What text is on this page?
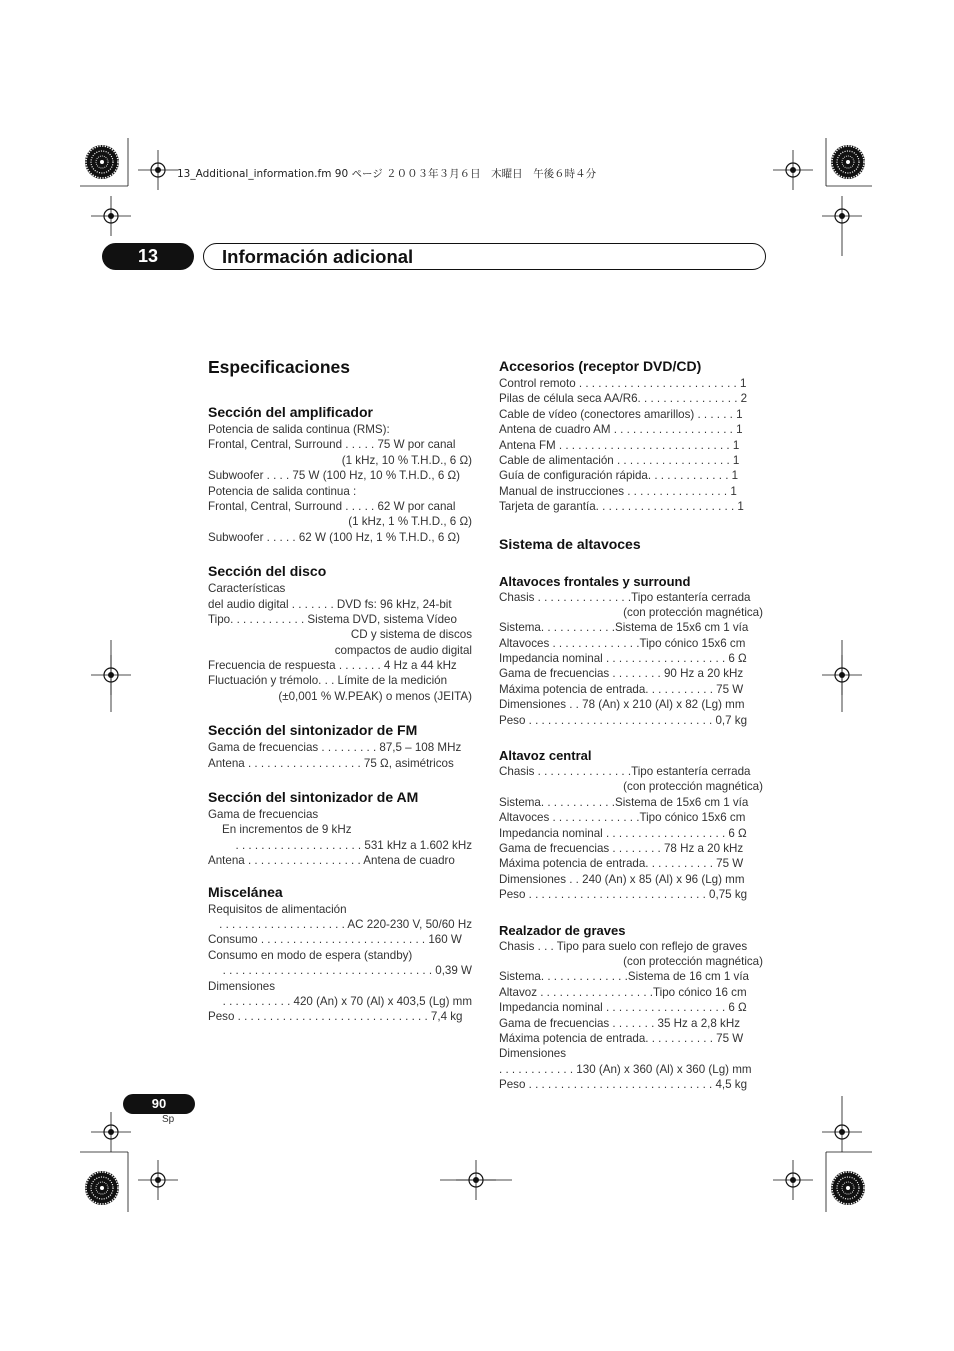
13_Additional_information.fm 90 ページ ２００３年３月６日　木曜日　午後６時４分
13	Información adicional
Especificaciones
Sección del amplificador
Potencia de salida continua (RMS):
Frontal, Central, Surround . . . . . 75 W por canal
(1 kHz, 10 % T.H.D., 6 Ω)
Subwoofer . . . . 75 W (100 Hz, 10 % T.H.D., 6 Ω)
Potencia de salida continua :
Frontal, Central, Surround . . . . . 62 W por canal
(1 kHz, 1 % T.H.D., 6 Ω)
Subwoofer . . . . . 62 W (100 Hz, 1 % T.H.D., 6 Ω)
Sección del disco
Características
del audio digital . . . . . . . DVD fs: 96 kHz, 24-bit
Tipo. . . . . . . . . . . . Sistema DVD, sistema Vídeo
CD y sistema de discos
compactos de audio digital
Frecuencia de respuesta . . . . . . . 4 Hz a 44 kHz
Fluctuación y trémolo. . . Límite de la medición
(±0,001 % W.PEAK) o menos (JEITA)
Sección del sintonizador de FM
Gama de frecuencias . . . . . . . . . 87,5 – 108 MHz
Antena . . . . . . . . . . . . . . . . . . 75 Ω, asimétricos
Sección del sintonizador de AM
Gama de frecuencias
En incrementos de 9 kHz
. . . . . . . . . . . . . . . . . . . . 531 kHz a 1.602 kHz
Antena . . . . . . . . . . . . . . . . . . Antena de cuadro
Miscelánea
Requisitos de alimentación
. . . . . . . . . . . . . . . . . . . . AC 220-230 V, 50/60 Hz
Consumo . . . . . . . . . . . . . . . . . . . . . . . . . . 160 W
Consumo en modo de espera (standby)
. . . . . . . . . . . . . . . . . . . . . . . . . . . . . . . . . 0,39 W
Dimensiones
. . . . . . . . . . . 420 (An) x 70 (Al) x 403,5 (Lg) mm
Peso . . . . . . . . . . . . . . . . . . . . . . . . . . . . . . 7,4 kg
Accesorios (receptor DVD/CD)
Control remoto . . . . . . . . . . . . . . . . . . . . . . . . . 1
Pilas de célula seca AA/R6. . . . . . . . . . . . . . . . 2
Cable de vídeo (conectores amarillos) . . . . . . 1
Antena de cuadro AM . . . . . . . . . . . . . . . . . . . 1
Antena FM . . . . . . . . . . . . . . . . . . . . . . . . . . . 1
Cable de alimentación . . . . . . . . . . . . . . . . . . 1
Guía de configuración rápida. . . . . . . . . . . . . 1
Manual de instrucciones . . . . . . . . . . . . . . . . 1
Tarjeta de garantía. . . . . . . . . . . . . . . . . . . . . . 1
Sistema de altavoces
Altavoces frontales y surround
Chasis . . . . . . . . . . . . . . .Tipo estantería cerrada
(con protección magnética)
Sistema. . . . . . . . . . . .Sistema de 15x6 cm 1 vía
Altavoces . . . . . . . . . . . . . .Tipo cónico 15x6 cm
Impedancia nominal . . . . . . . . . . . . . . . . . . . 6 Ω
Gama de frecuencias . . . . . . . . 90 Hz a 20 kHz
Máxima potencia de entrada. . . . . . . . . . . 75 W
Dimensiones . . 78 (An) x 210 (Al) x 82 (Lg) mm
Peso . . . . . . . . . . . . . . . . . . . . . . . . . . . . . 0,7 kg
Altavoz central
Chasis . . . . . . . . . . . . . . .Tipo estantería cerrada
(con protección magnética)
Sistema. . . . . . . . . . . .Sistema de 15x6 cm 1 vía
Altavoces . . . . . . . . . . . . . .Tipo cónico 15x6 cm
Impedancia nominal . . . . . . . . . . . . . . . . . . . 6 Ω
Gama de frecuencias . . . . . . . . 78 Hz a 20 kHz
Máxima potencia de entrada. . . . . . . . . . . 75 W
Dimensiones . . 240 (An) x 85 (Al) x 96 (Lg) mm
Peso . . . . . . . . . . . . . . . . . . . . . . . . . . . . 0,75 kg
Realzador de graves
Chasis . . . Tipo para suelo con reflejo de graves
(con protección magnética)
Sistema. . . . . . . . . . . . . .Sistema de 16 cm 1 vía
Altavoz . . . . . . . . . . . . . . . . . .Tipo cónico 16 cm
Impedancia nominal . . . . . . . . . . . . . . . . . . . 6 Ω
Gama de frecuencias . . . . . . . 35 Hz a 2,8 kHz
Máxima potencia de entrada. . . . . . . . . . . 75 W
Dimensiones
. . . . . . . . . . . . 130 (An) x 360 (Al) x 360 (Lg) mm
Peso . . . . . . . . . . . . . . . . . . . . . . . . . . . . . 4,5 kg
90
Sp
